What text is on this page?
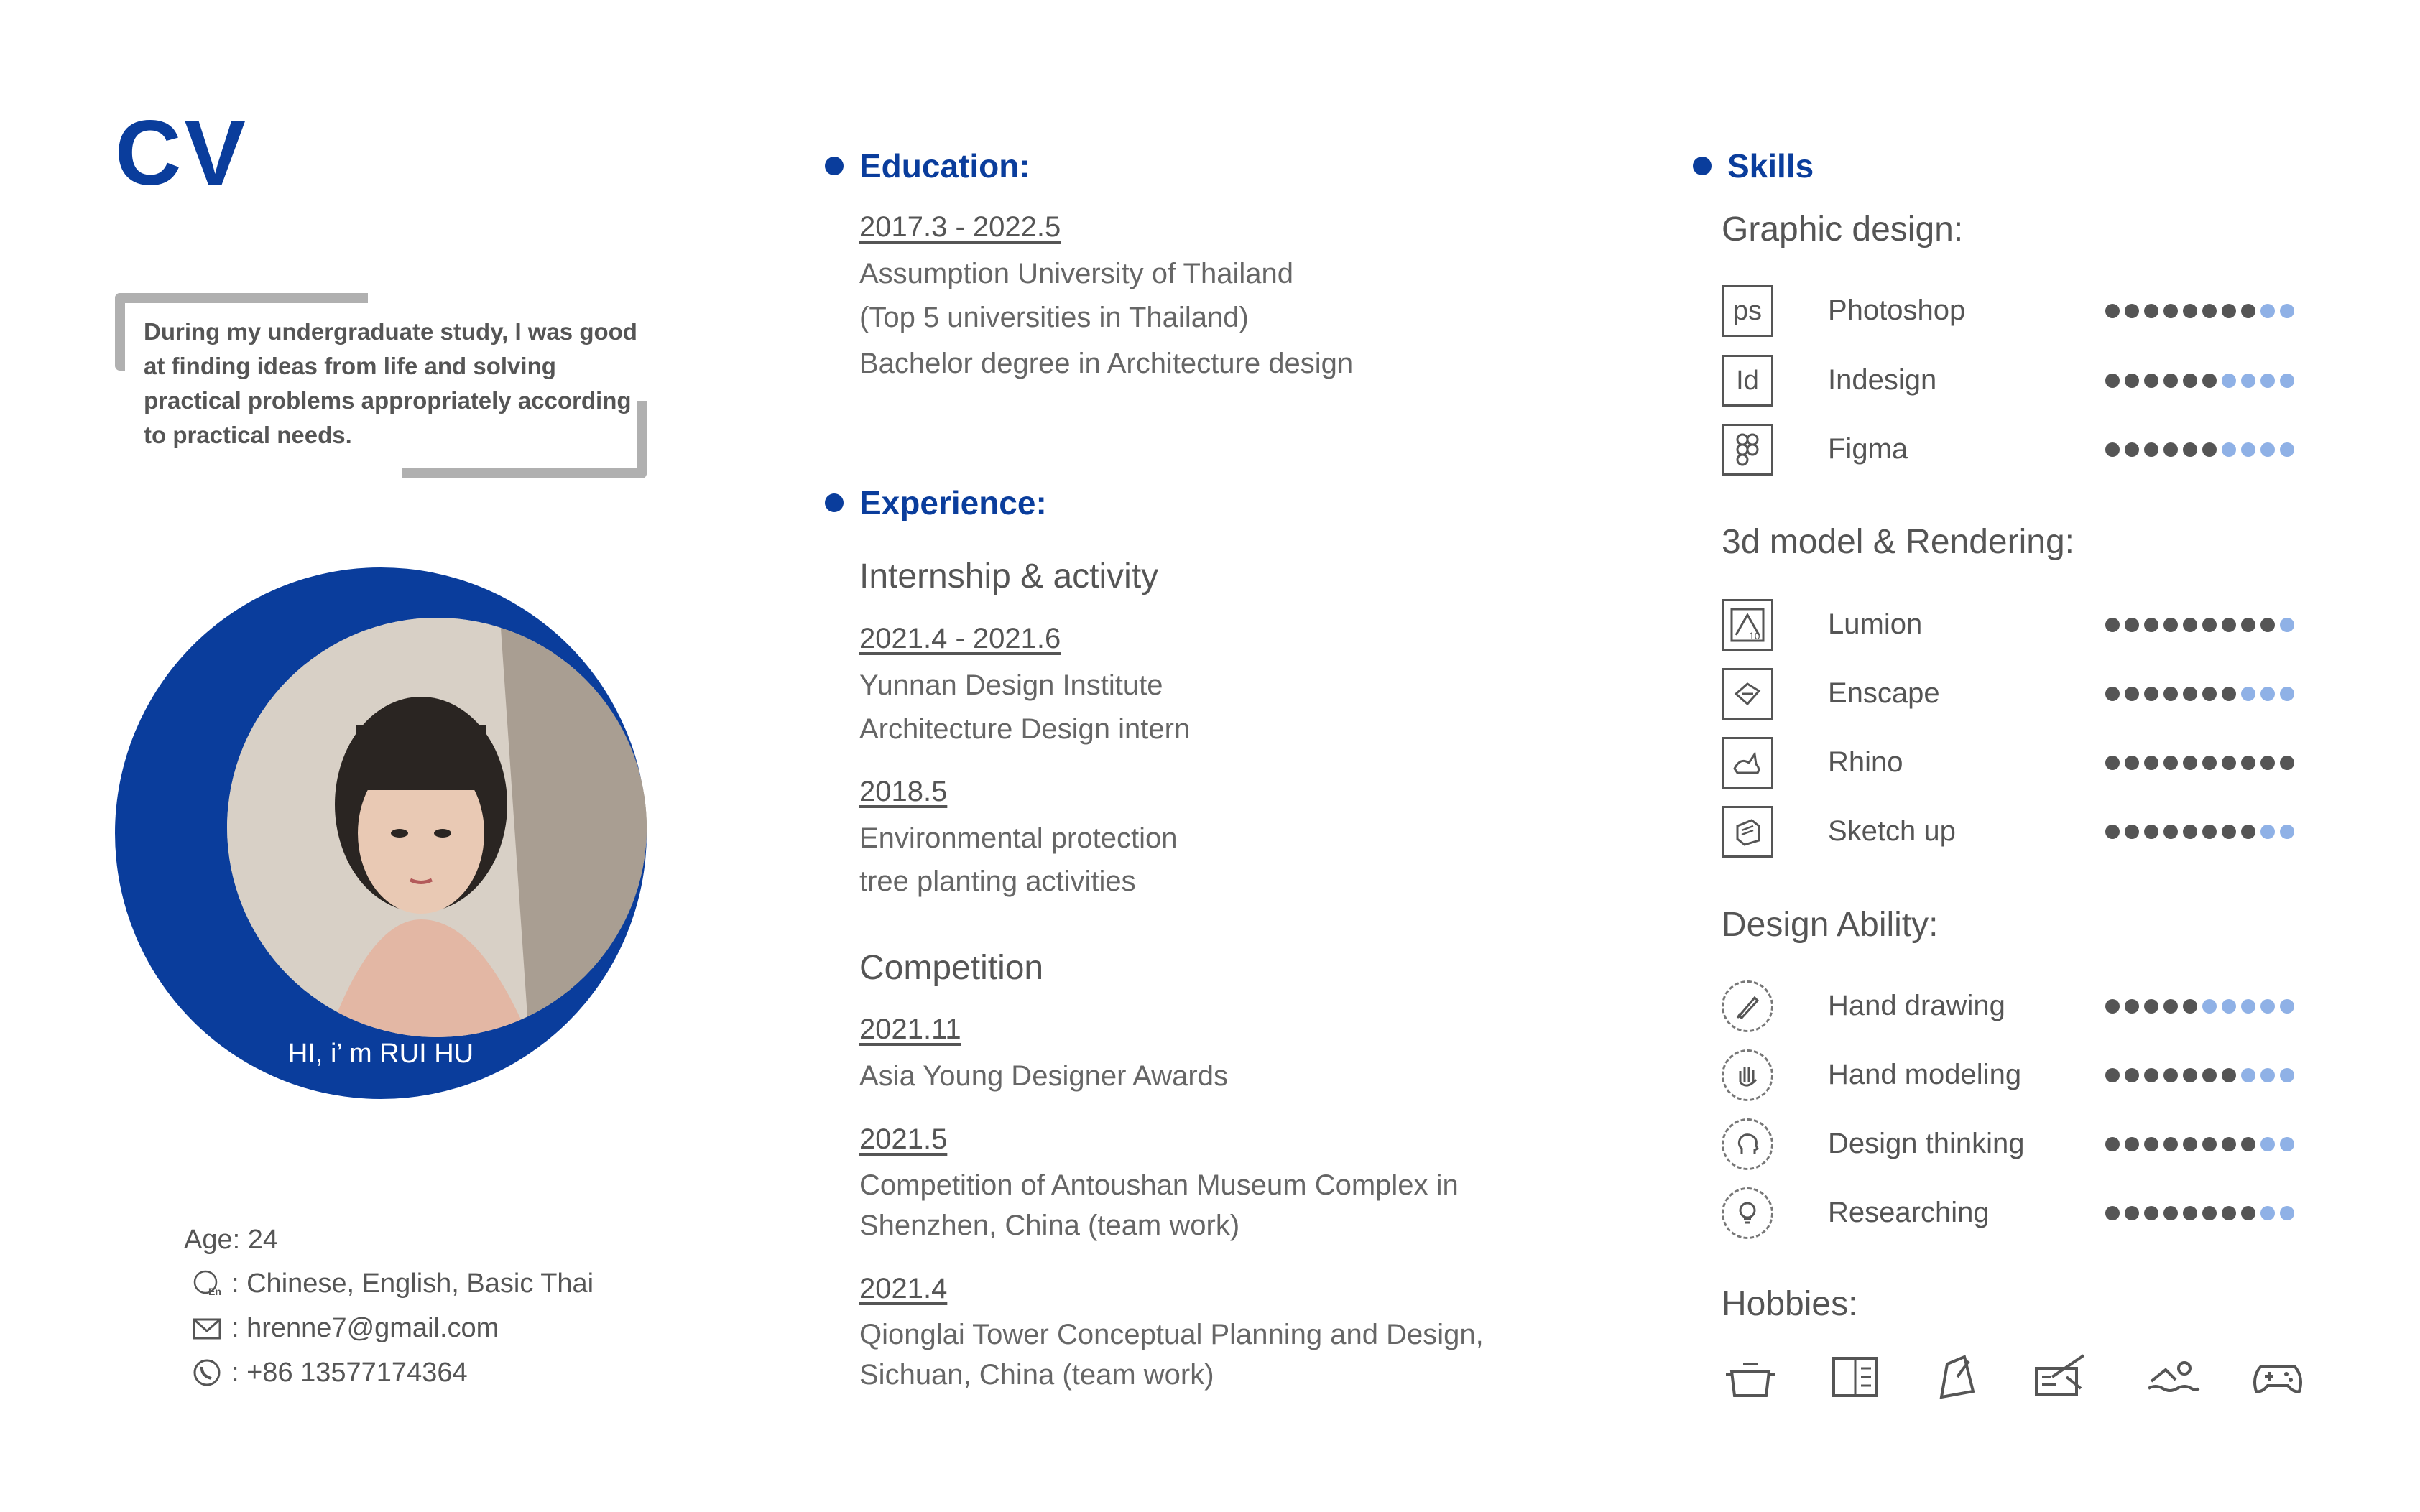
CV
During my undergraduate study, I was good at finding ideas from life and solving practical problems appropriately according to practical needs.
HI, i’ m RUI HU
Age: 24
En : Chinese, English, Basic Thai
: hrenne7@gmail.com
: +86 13577174364
Education:
2017.3 - 2022.5
Assumption University of Thailand
(Top 5 universities in Thailand)
Bachelor degree in Architecture design
Experience:
Internship & activity
2021.4 - 2021.6
Yunnan Design Institute
Architecture Design intern
2018.5
Environmental protection
tree planting activities
Competition
2021.11
Asia Young Designer Awards
2021.5
Competition of Antoushan Museum Complex in
Shenzhen, China (team work)
2021.4
Qionglai Tower Conceptual Planning and Design,
Sichuan, China (team work)
Skills
Graphic design:
ps	Photoshop
Id	Indesign
Figma
3d model & Rendering:
10 Lumion
Enscape
Rhino
Sketch up
Design Ability:
Hand drawing
Hand modeling
Design thinking
Researching
Hobbies:
